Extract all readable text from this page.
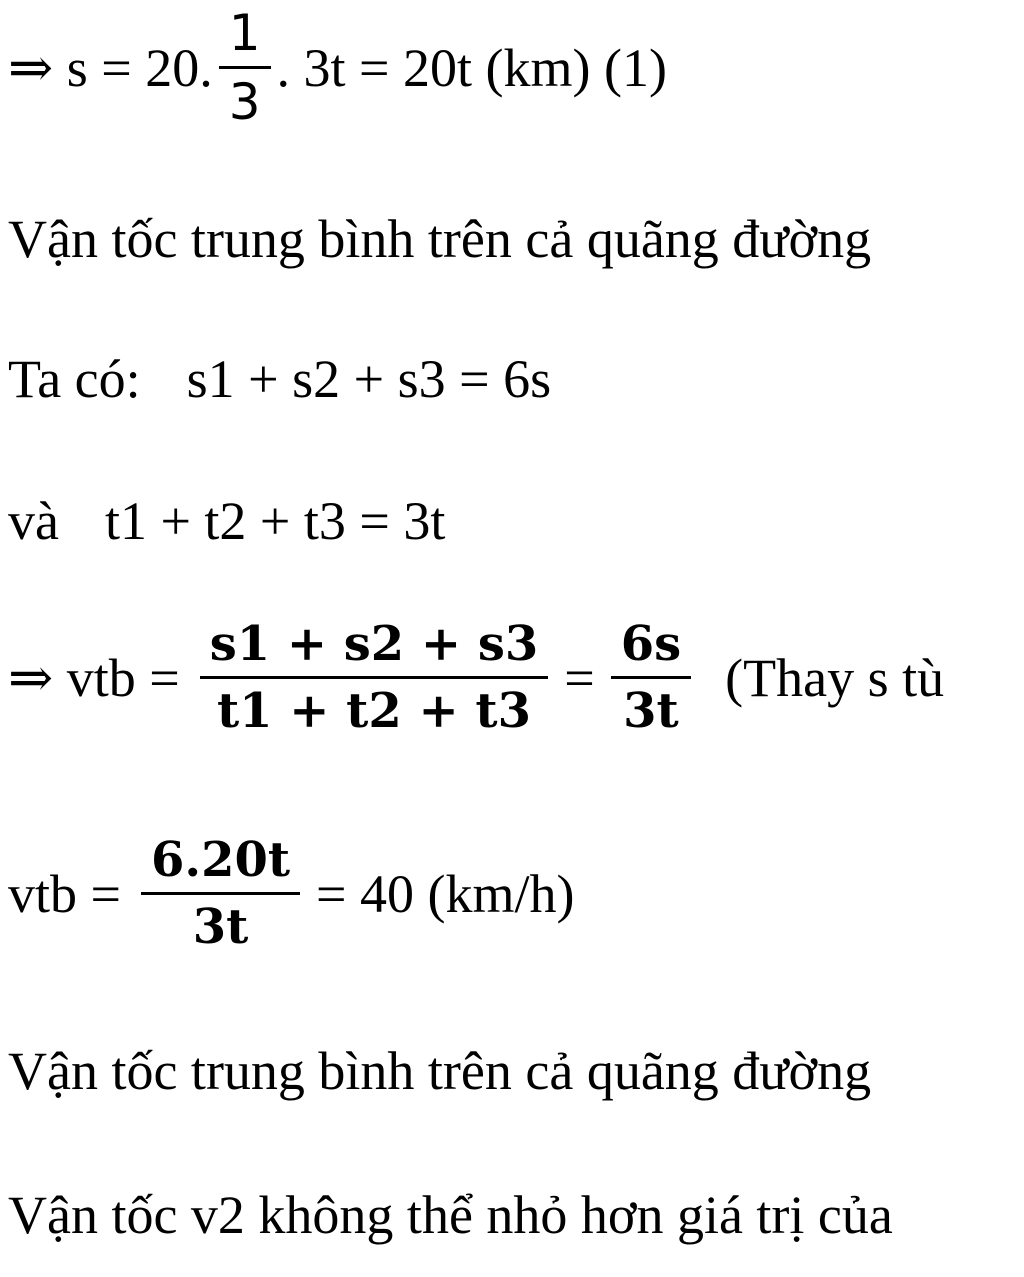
⇒ s = 20. $\frac{1}{3}$ . 3t = 20t (km) (1)
Vận tốc trung bình trên cả quãng đường
Ta có: s1 + s2 + s3 = 6s
và t1 + t2 + t3 = 3t
⇒ vtb = $\frac{s1 + s2 + s3}{t1 + t2 + t3} = \frac{6s}{3t}$ (Thay s tù
vtb = $\frac{6.20t}{3t} = 40$ (km/h)
Vận tốc trung bình trên cả quãng đường
Vận tốc v2 không thể nhỏ hơn giá trị của
